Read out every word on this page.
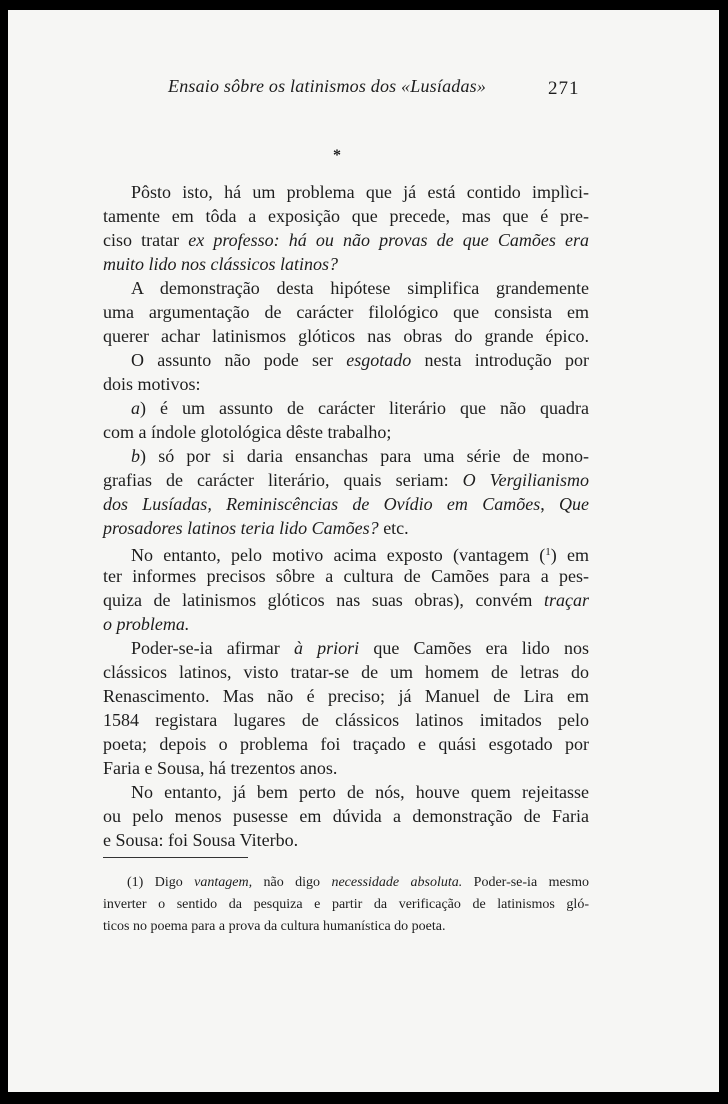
Ensaio sôbre os latinismos dos «Lusíadas»	271
*
Pôsto isto, há um problema que já está contido implìci-
tamente em tôda a exposição que precede, mas que é pre-
ciso tratar ex professo: há ou não provas de que Camões era
muito lido nos clássicos latinos?
A demonstração desta hipótese simplifica grandemente
uma argumentação de carácter filológico que consista em
querer achar latinismos glóticos nas obras do grande épico.
O assunto não pode ser esgotado nesta introdução por
dois motivos:
a) é um assunto de carácter literário que não quadra
com a índole glotológica dêste trabalho;
b) só por si daria ensanchas para uma série de mono-
grafias de carácter literário, quais seriam: O Vergilianismo
dos Lusíadas, Reminiscências de Ovídio em Camões, Que
prosadores latinos teria lido Camões? etc.
No entanto, pelo motivo acima exposto (vantagem ($^1$) em
ter informes precisos sôbre a cultura de Camões para a pes-
quiza de latinismos glóticos nas suas obras), convém traçar
o problema.
Poder-se-ia afirmar à priori que Camões era lido nos
clássicos latinos, visto tratar-se de um homem de letras do
Renascimento. Mas não é preciso; já Manuel de Lira em
1584 registara lugares de clássicos latinos imitados pelo
poeta; depois o problema foi traçado e quási esgotado por
Faria e Sousa, há trezentos anos.
No entanto, já bem perto de nós, houve quem rejeitasse
ou pelo menos pusesse em dúvida a demonstração de Faria
e Sousa: foi Sousa Viterbo.
(1) Digo vantagem, não digo necessidade absoluta. Poder-se-ia mesmo
inverter o sentido da pesquiza e partir da verificação de latinismos gló-
ticos no poema para a prova da cultura humanística do poeta.
